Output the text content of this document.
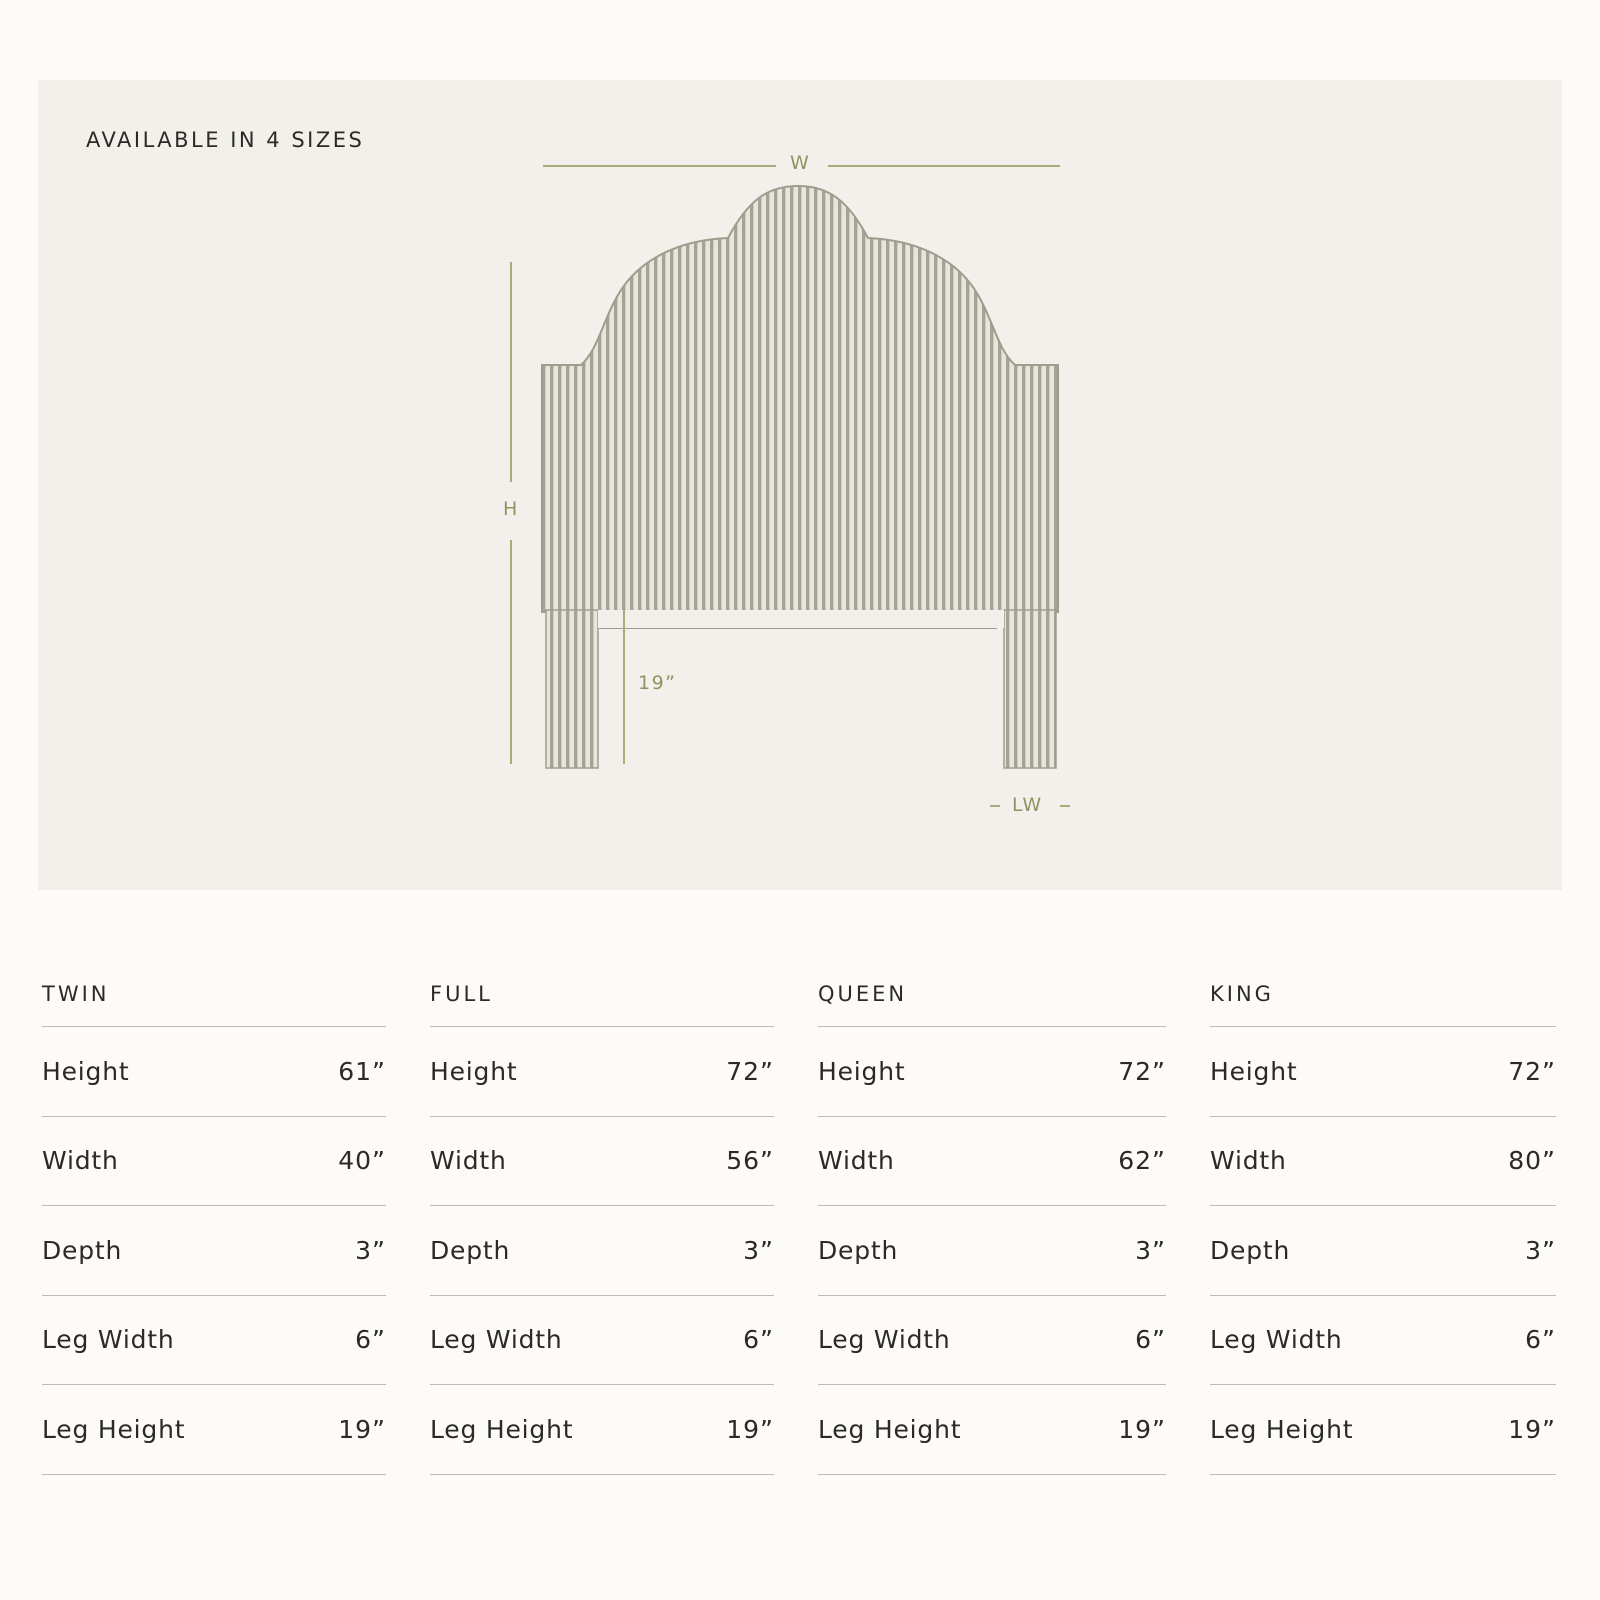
AVAILABLE IN 4 SIZES
W
H
19”
LW
TWIN
Height	61”
Width	40”
Depth	3”
Leg Width	6”
Leg Height	19”
FULL
Height	72”
Width	56”
Depth	3”
Leg Width	6”
Leg Height	19”
QUEEN
Height	72”
Width	62”
Depth	3”
Leg Width	6”
Leg Height	19”
KING
Height	72”
Width	80”
Depth	3”
Leg Width	6”
Leg Height	19”
